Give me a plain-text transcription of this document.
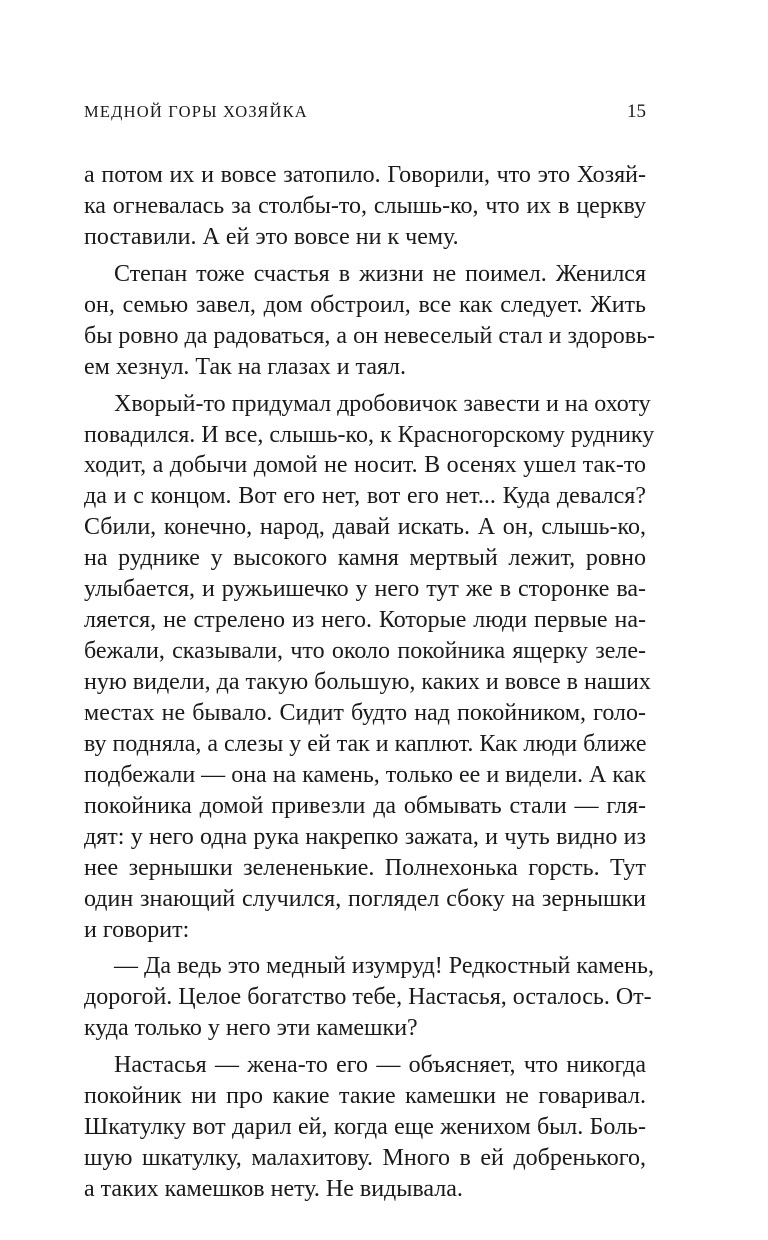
МЕДНОЙ ГОРЫ ХОЗЯЙКА	15
а потом их и вовсе затопило. Говорили, что это Хозяй-
ка огневалась за столбы-то, слышь-ко, что их в церкву
поставили. А ей это вовсе ни к чему.
Степан тоже счастья в жизни не поимел. Женился
он, семью завел, дом обстроил, все как следует. Жить
бы ровно да радоваться, а он невеселый стал и здоровь-
ем хезнул. Так на глазах и таял.
Хворый-то придумал дробовичок завести и на охоту
повадился. И все, слышь-ко, к Красногорскому руднику
ходит, а добычи домой не носит. В осенях ушел так-то
да и с концом. Вот его нет, вот его нет... Куда девался?
Сбили, конечно, народ, давай искать. А он, слышь-ко,
на руднике у высокого камня мертвый лежит, ровно
улыбается, и ружьишечко у него тут же в сторонке ва-
ляется, не стрелено из него. Которые люди первые на-
бежали, сказывали, что около покойника ящерку зеле-
ную видели, да такую большую, каких и вовсе в наших
местах не бывало. Сидит будто над покойником, голо-
ву подняла, а слезы у ей так и каплют. Как люди ближе
подбежали — она на камень, только ее и видели. А как
покойника домой привезли да обмывать стали — гля-
дят: у него одна рука накрепко зажата, и чуть видно из
нее зернышки зелененькие. Полнехонька горсть. Тут
один знающий случился, поглядел сбоку на зернышки
и говорит:
— Да ведь это медный изумруд! Редкостный камень,
дорогой. Целое богатство тебе, Настасья, осталось. От-
куда только у него эти камешки?
Настасья — жена-то его — объясняет, что никогда
покойник ни про какие такие камешки не говаривал.
Шкатулку вот дарил ей, когда еще женихом был. Боль-
шую шкатулку, малахитову. Много в ей добренького,
а таких камешков нету. Не видывала.
